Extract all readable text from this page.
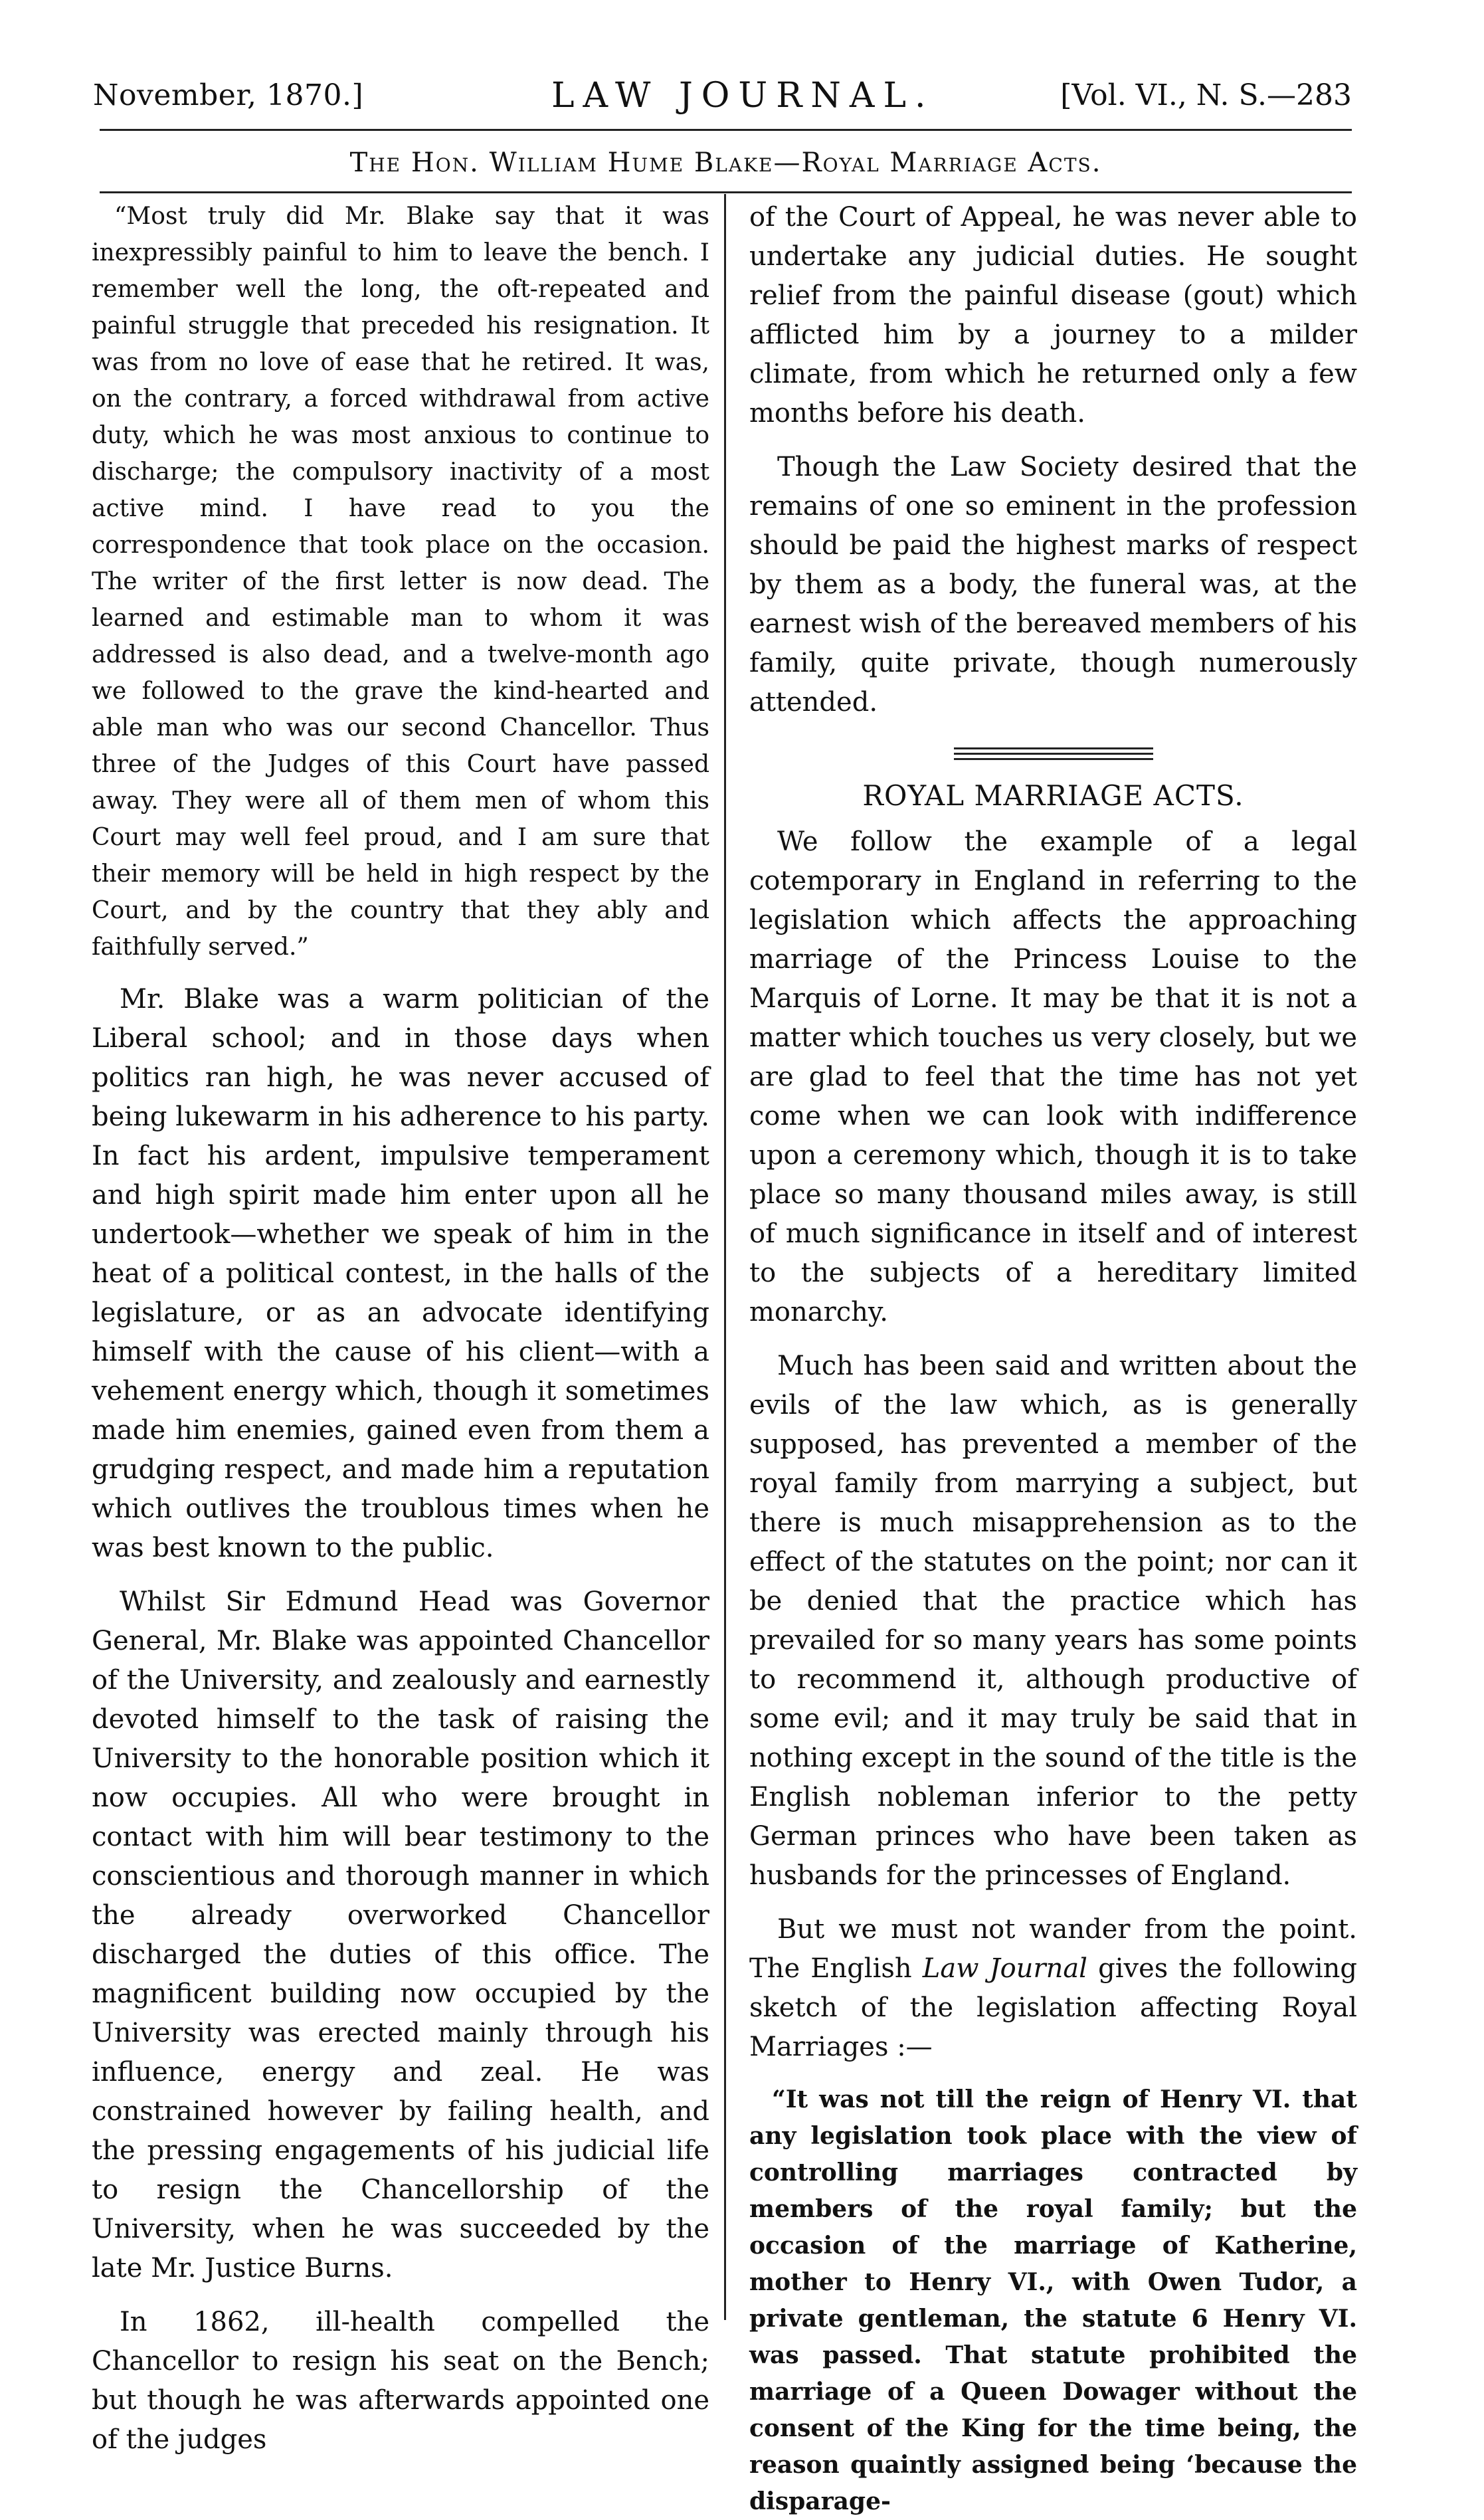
November, 1870.]	LAW JOURNAL.	[Vol. VI., N. S.—283
The Hon. William Hume Blake—Royal Marriage Acts.

“Most truly did Mr. Blake say that it was inexpressibly painful to him to leave the bench. I remember well the long, the oft-repeated and painful struggle that preceded his resignation. It was from no love of ease that he retired. It was, on the contrary, a forced withdrawal from active duty, which he was most anxious to continue to discharge; the compulsory inactivity of a most active mind. I have read to you the correspondence that took place on the occasion. The writer of the first letter is now dead. The learned and estimable man to whom it was addressed is also dead, and a twelve-month ago we followed to the grave the kind-hearted and able man who was our second Chancellor. Thus three of the Judges of this Court have passed away. They were all of them men of whom this Court may well feel proud, and I am sure that their memory will be held in high respect by the Court, and by the country that they ably and faithfully served.”

Mr. Blake was a warm politician of the Liberal school; and in those days when politics ran high, he was never accused of being lukewarm in his adherence to his party. In fact his ardent, impulsive temperament and high spirit made him enter upon all he undertook—whether we speak of him in the heat of a political contest, in the halls of the legislature, or as an advocate identifying himself with the cause of his client—with a vehement energy which, though it sometimes made him enemies, gained even from them a grudging respect, and made him a reputation which outlives the troublous times when he was best known to the public.

Whilst Sir Edmund Head was Governor General, Mr. Blake was appointed Chancellor of the University, and zealously and earnestly devoted himself to the task of raising the University to the honorable position which it now occupies. All who were brought in contact with him will bear testimony to the conscientious and thorough manner in which the already overworked Chancellor discharged the duties of this office. The magnificent building now occupied by the University was erected mainly through his influence, energy and zeal. He was constrained however by failing health, and the pressing engagements of his judicial life to resign the Chancellorship of the University, when he was succeeded by the late Mr. Justice Burns.

In 1862, ill-health compelled the Chancellor to resign his seat on the Bench; but though he was afterwards appointed one of the judges

of the Court of Appeal, he was never able to undertake any judicial duties. He sought relief from the painful disease (gout) which afflicted him by a journey to a milder climate, from which he returned only a few months before his death.

Though the Law Society desired that the remains of one so eminent in the profession should be paid the highest marks of respect by them as a body, the funeral was, at the earnest wish of the bereaved members of his family, quite private, though numerously attended.

ROYAL MARRIAGE ACTS.

We follow the example of a legal cotemporary in England in referring to the legislation which affects the approaching marriage of the Princess Louise to the Marquis of Lorne. It may be that it is not a matter which touches us very closely, but we are glad to feel that the time has not yet come when we can look with indifference upon a ceremony which, though it is to take place so many thousand miles away, is still of much significance in itself and of interest to the subjects of a hereditary limited monarchy.

Much has been said and written about the evils of the law which, as is generally supposed, has prevented a member of the royal family from marrying a subject, but there is much misapprehension as to the effect of the statutes on the point; nor can it be denied that the practice which has prevailed for so many years has some points to recommend it, although productive of some evil; and it may truly be said that in nothing except in the sound of the title is the English nobleman inferior to the petty German princes who have been taken as husbands for the princesses of England.

But we must not wander from the point. The English Law Journal gives the following sketch of the legislation affecting Royal Marriages :—

“It was not till the reign of Henry VI. that any legislation took place with the view of controlling marriages contracted by members of the royal family; but the occasion of the marriage of Katherine, mother to Henry VI., with Owen Tudor, a private gentleman, the statute 6 Henry VI. was passed. That statute prohibited the marriage of a Queen Dowager without the consent of the King for the time being, the reason quaintly assigned being ‘because the disparage-
